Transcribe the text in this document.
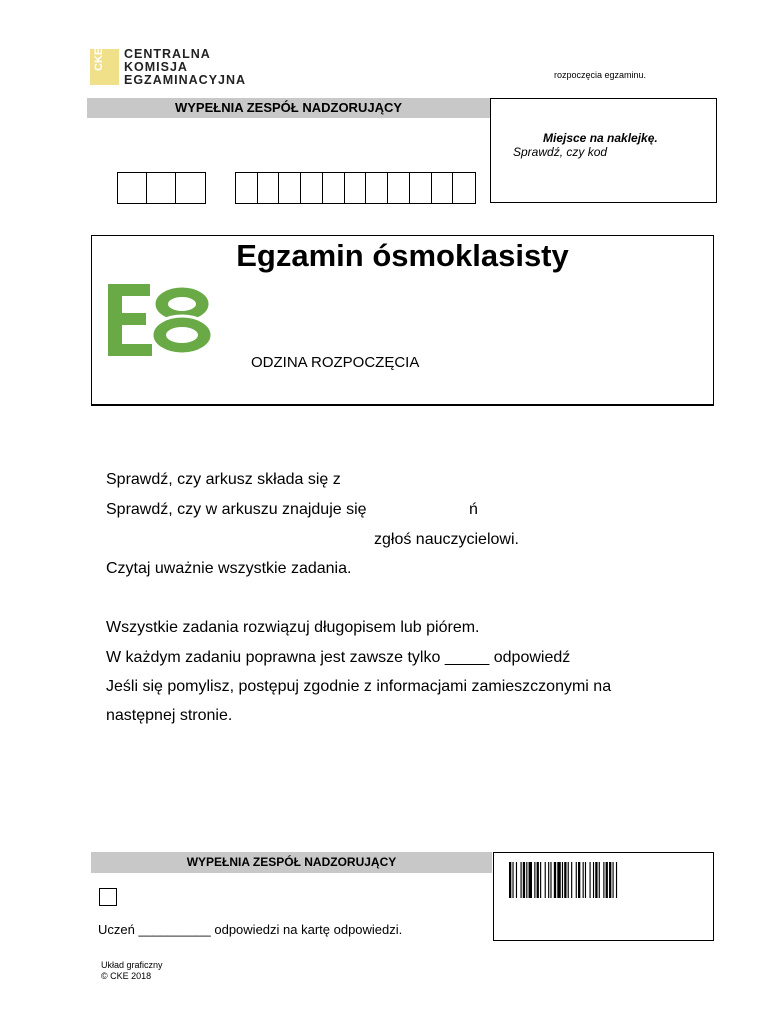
CKE CENTRALNA
KOMISJA
EGZAMINACYJNA	rozpoczęcia egzaminu.
WYPEŁNIA ZESPÓŁ NADZORUJĄCY
Miejsce na naklejkę.
Sprawdź, czy kod
Egzamin ósmoklasisty
ODZINA ROZPOCZĘCIA
Sprawdź, czy arkusz składa się z
Sprawdź, czy w arkuszu znajduje się	ń
zgłoś nauczycielowi.
Czytaj uważnie wszystkie zadania.
Wszystkie zadania rozwiązuj długopisem lub piórem.
W każdym zadaniu poprawna jest zawsze tylko _____ odpowiedź
Jeśli się pomylisz, postępuj zgodnie z informacjami zamieszczonymi na
następnej stronie.
WYPEŁNIA ZESPÓŁ NADZORUJĄCY
Uczeń __________ odpowiedzi na kartę odpowiedzi.
Układ graficzny
© CKE 2018
